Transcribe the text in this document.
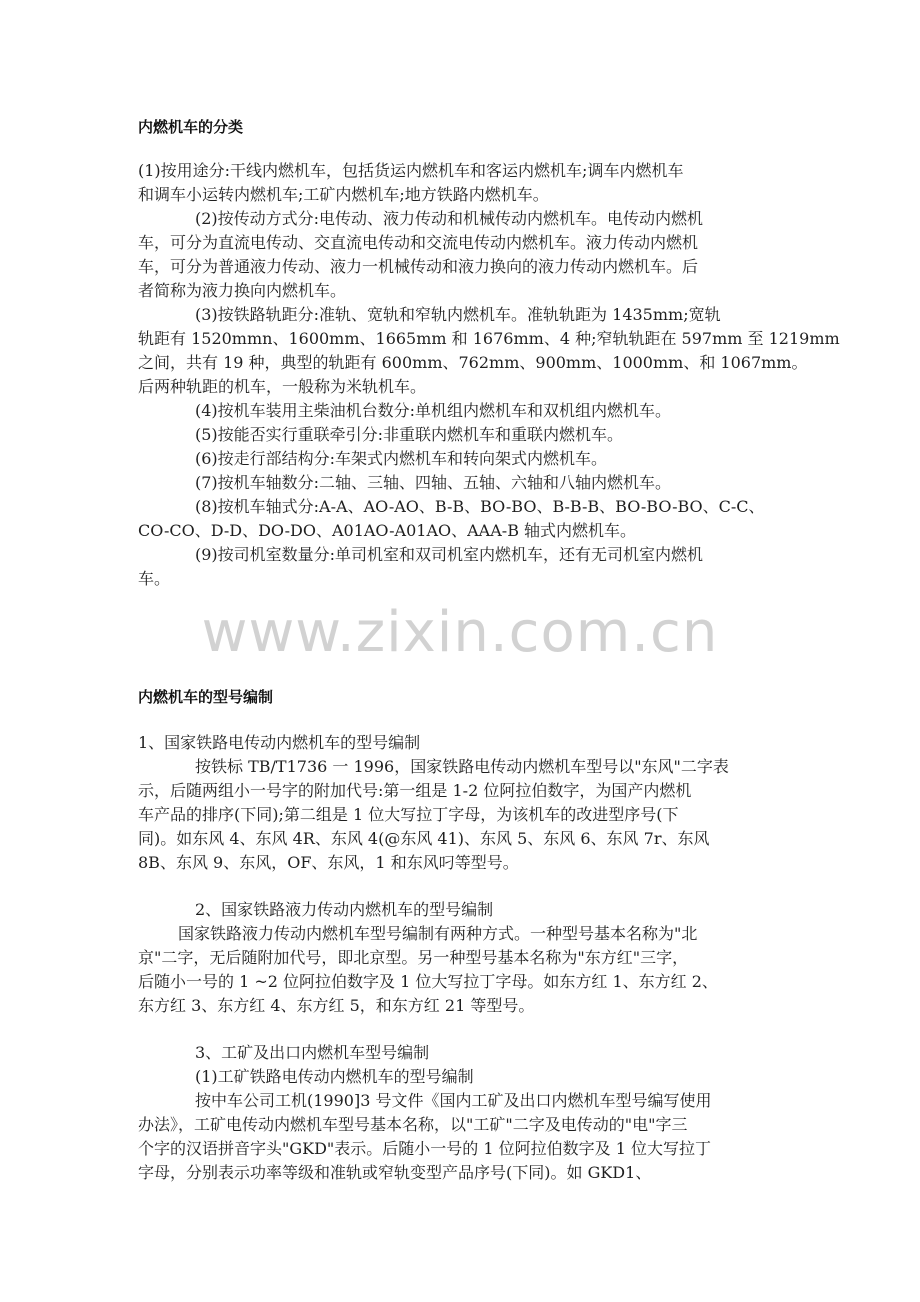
内燃机车的分类
(1)按用途分:干线内燃机车，包括货运内燃机车和客运内燃机车;调车内燃机车
和调车小运转内燃机车;工矿内燃机车;地方铁路内燃机车。
(2)按传动方式分:电传动、液力传动和机械传动内燃机车。电传动内燃机
车，可分为直流电传动、交直流电传动和交流电传动内燃机车。液力传动内燃机
车，可分为普通液力传动、液力一机械传动和液力换向的液力传动内燃机车。后
者简称为液力换向内燃机车。
(3)按铁路轨距分:准轨、宽轨和窄轨内燃机车。准轨轨距为 1435mm;宽轨
轨距有 1520mmn、1600mm、1665mm 和 1676mm、4 种;窄轨轨距在 597mm 至 1219mm
之间，共有 19 种，典型的轨距有 600mm、762mm、900mm、1000mm、和 1067mm。
后两种轨距的机车，一般称为米轨机车。
(4)按机车装用主柴油机台数分:单机组内燃机车和双机组内燃机车。
(5)按能否实行重联牵引分:非重联内燃机车和重联内燃机车。
(6)按走行部结构分:车架式内燃机车和转向架式内燃机车。
(7)按机车轴数分:二轴、三轴、四轴、五轴、六轴和八轴内燃机车。
(8)按机车轴式分:A-A、AO-AO、B-B、BO-BO、B-B-B、BO-BO-BO、C-C、
CO-CO、D-D、DO-DO、A01AO-A01AO、AAA-B 轴式内燃机车。
(9)按司机室数量分:单司机室和双司机室内燃机车，还有无司机室内燃机
车。
www.zixin.com.cn
内燃机车的型号编制
1、国家铁路电传动内燃机车的型号编制
按铁标 TB/T1736 一 1996，国家铁路电传动内燃机车型号以"东风"二字表
示，后随两组小一号字的附加代号:第一组是 1-2 位阿拉伯数字，为国产内燃机
车产品的排序(下同);第二组是 1 位大写拉丁字母，为该机车的改进型序号(下
同)。如东风 4、东风 4R、东风 4(@东风 41)、东风 5、东风 6、东风 7r、东风
8B、东风 9、东风，OF、东风，1 和东风叼等型号。
2、国家铁路液力传动内燃机车的型号编制
国家铁路液力传动内燃机车型号编制有两种方式。一种型号基本名称为"北
京"二字，无后随附加代号，即北京型。另一种型号基本名称为"东方红"三字，
后随小一号的 1 ~2 位阿拉伯数字及 1 位大写拉丁字母。如东方红 1、东方红 2、
东方红 3、东方红 4、东方红 5，和东方红 21 等型号。
3、工矿及出口内燃机车型号编制
(1)工矿铁路电传动内燃机车的型号编制
按中车公司工机(1990]3 号文件《国内工矿及出口内燃机车型号编写使用
办法》，工矿电传动内燃机车型号基本名称，以"工矿"二字及电传动的"电"字三
个字的汉语拼音字头"GKD"表示。后随小一号的 1 位阿拉伯数字及 1 位大写拉丁
字母，分别表示功率等级和准轨或窄轨变型产品序号(下同)。如 GKD1、
